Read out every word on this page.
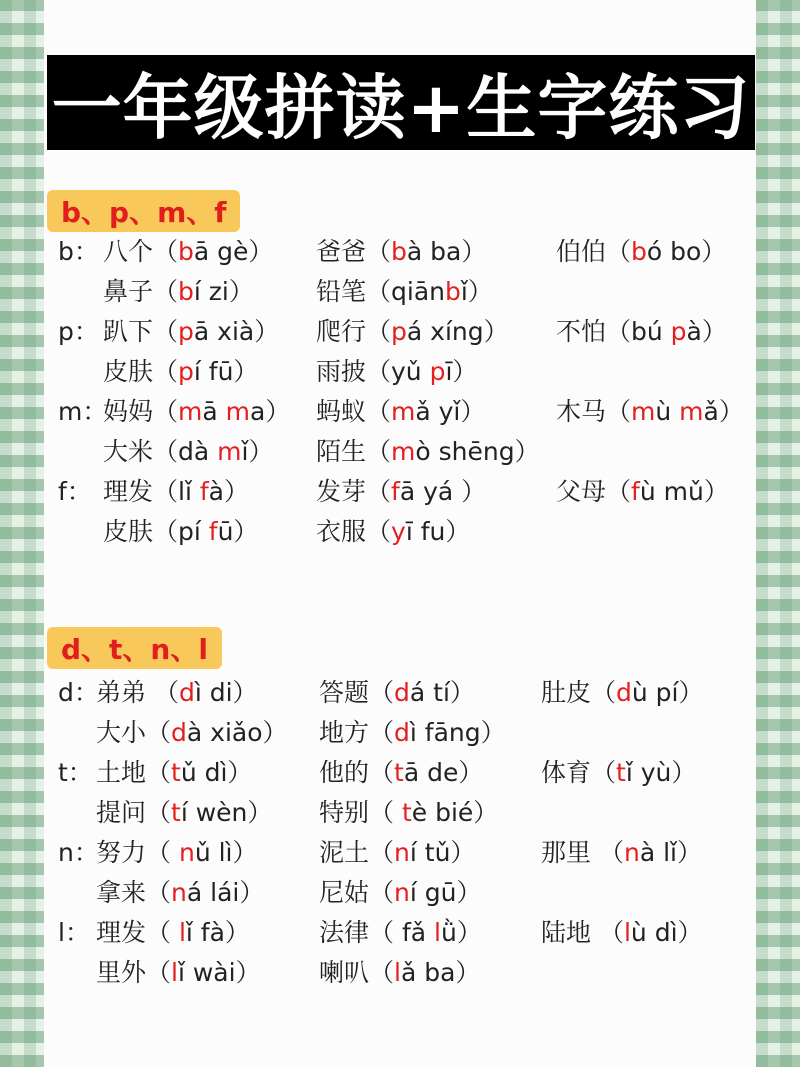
一年级拼读+生字练习
b、p、m、f
d、t、n、l
b： 八个（bā gè） 爸爸（bà ba）	伯伯（bó bo）
鼻子（bí zi） 铅笔（qiānbǐ）
p： 趴下（pā xià） 爬行（pá xíng） 不怕（bú pà）
皮肤（pí fū） 雨披（yǔ pī）
m：
妈妈（mā ma） 蚂蚁（mǎ yǐ）	木马（mù mǎ）
大米（dà mǐ） 陌生（mò shēng）
f： 理发（lǐ fà）	发芽（fā yá ）	父母（fù mǔ）
皮肤（pí fū） 衣服（yī fu）
d：
弟弟 （dì di） 答题（dá tí）	肚皮（dù pí）
大小（dà xiǎo） 地方（dì fāng）
t： 土地（tǔ dì）	他的（tā de） 体育（tǐ yù）
提问（tí wèn） 特别（ tè bié）
n：
努力（ nǔ lì） 泥土（ní tǔ）	那里 （nà lǐ）
拿来（ná lái） 尼姑（ní gū）
l： 理发（ lǐ fà）	法律（ fǎ lǜ） 陆地 （lù dì）
里外（lǐ wài） 喇叭（lǎ ba）
